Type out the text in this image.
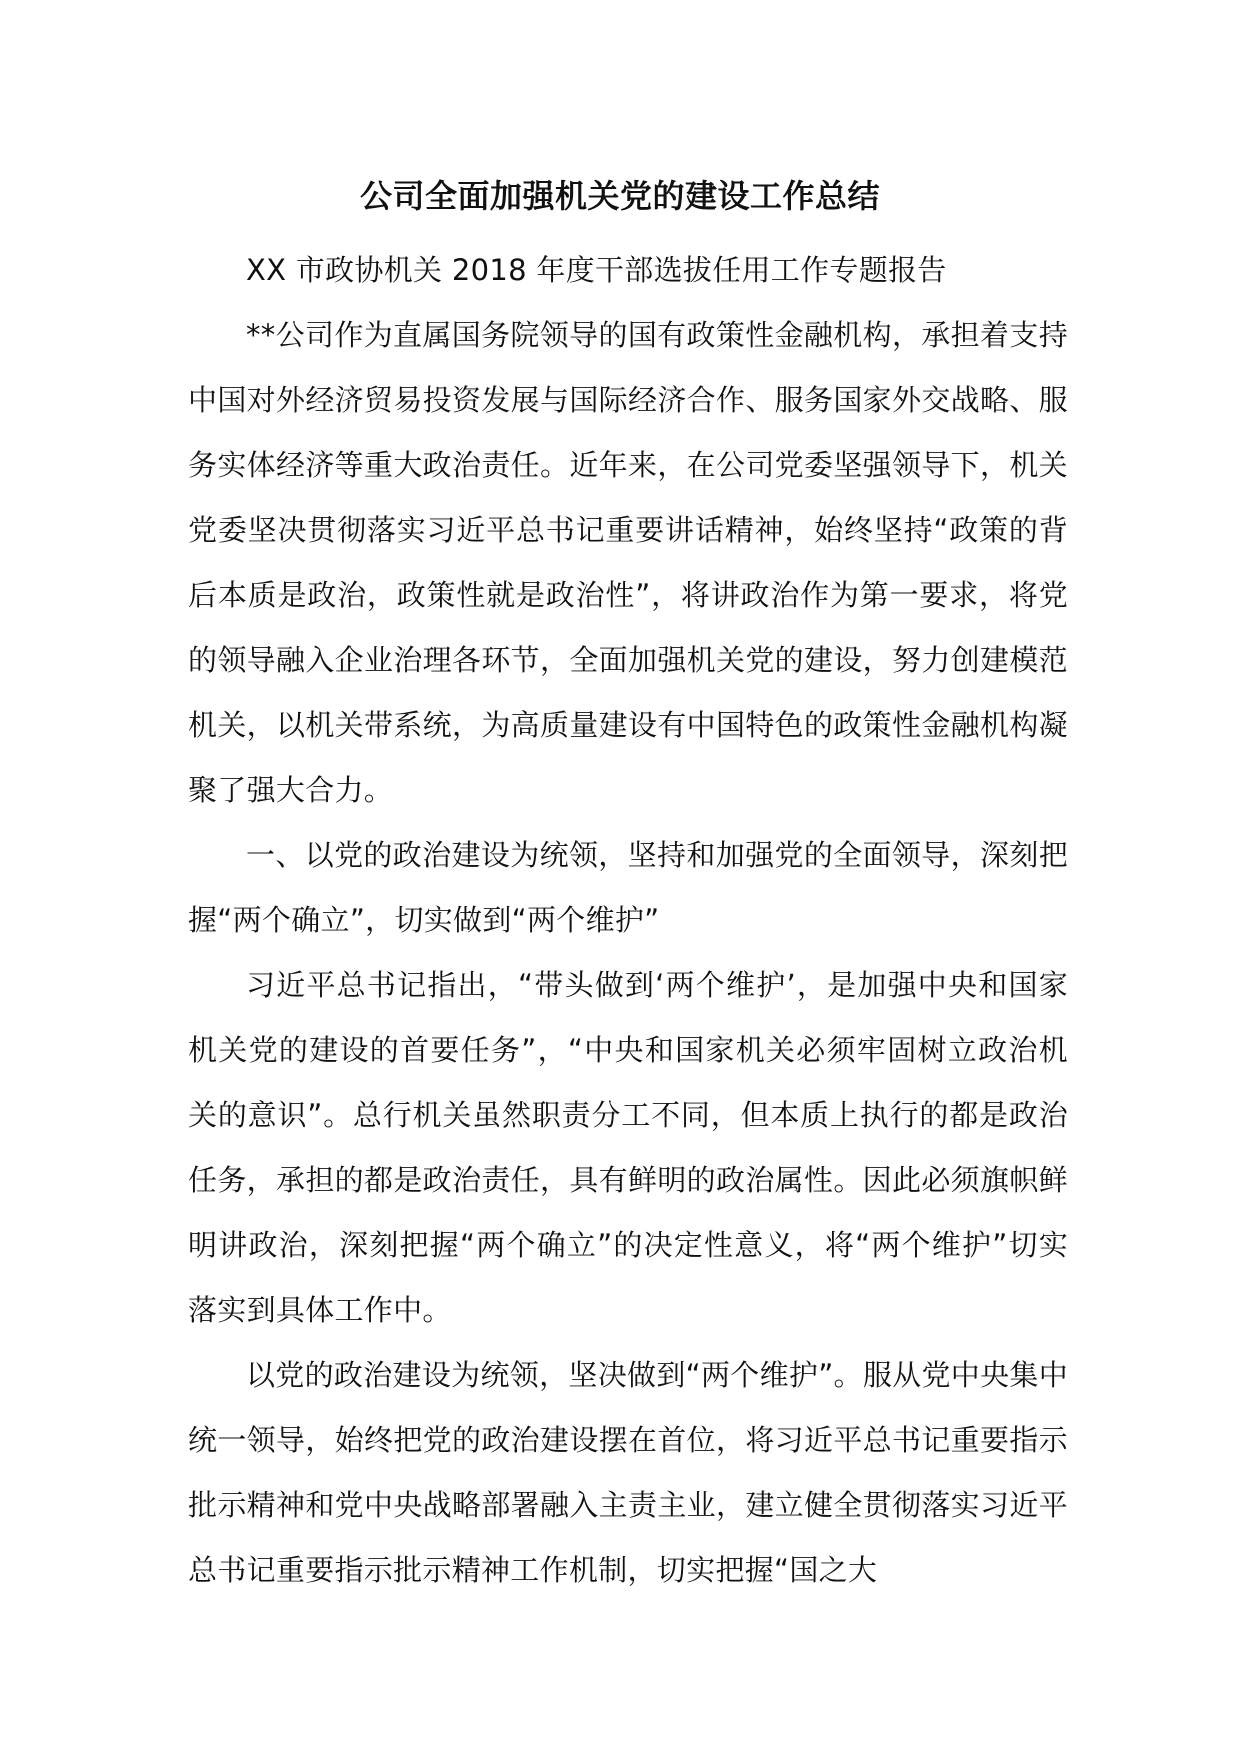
公司全面加强机关党的建设工作总结

XX 市政协机关 2018 年度干部选拔任用工作专题报告

**公司作为直属国务院领导的国有政策性金融机构，承担着支持中国对外经济贸易投资发展与国际经济合作、服务国家外交战略、服务实体经济等重大政治责任。近年来，在公司党委坚强领导下，机关党委坚决贯彻落实习近平总书记重要讲话精神，始终坚持“政策的背后本质是政治，政策性就是政治性”，将讲政治作为第一要求，将党的领导融入企业治理各环节，全面加强机关党的建设，努力创建模范机关，以机关带系统，为高质量建设有中国特色的政策性金融机构凝聚了强大合力。

一、以党的政治建设为统领，坚持和加强党的全面领导，深刻把握“两个确立”，切实做到“两个维护”

习近平总书记指出，“带头做到‘两个维护’，是加强中央和国家机关党的建设的首要任务”，“中央和国家机关必须牢固树立政治机关的意识”。总行机关虽然职责分工不同，但本质上执行的都是政治任务，承担的都是政治责任，具有鲜明的政治属性。因此必须旗帜鲜明讲政治，深刻把握“两个确立”的决定性意义，将“两个维护”切实落实到具体工作中。

以党的政治建设为统领，坚决做到“两个维护”。服从党中央集中统一领导，始终把党的政治建设摆在首位，将习近平总书记重要指示批示精神和党中央战略部署融入主责主业，建立健全贯彻落实习近平总书记重要指示批示精神工作机制，切实把握“国之大
